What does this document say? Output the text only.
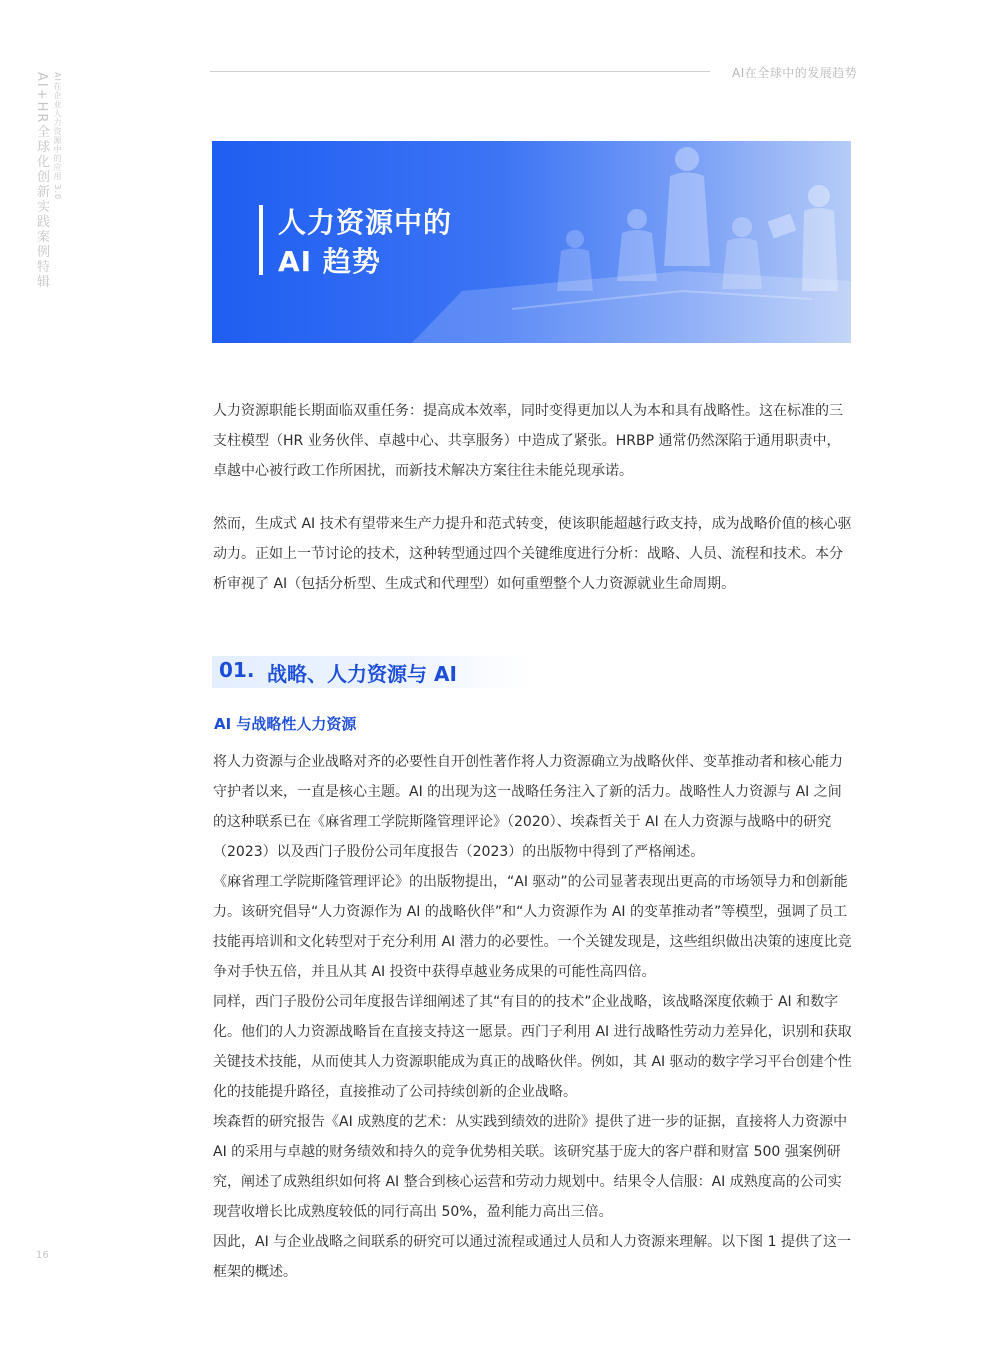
AI在全球中的发展趋势
AI+HR全球化创新实践案例特辑 AI在企业人力资源中的应用 3.0
16
人力资源中的
AI 趋势

人力资源职能长期面临双重任务：提高成本效率，同时变得更加以人为本和具有战略性。这在标准的三支柱模型（HR 业务伙伴、卓越中心、共享服务）中造成了紧张。HRBP 通常仍然深陷于通用职责中，卓越中心被行政工作所困扰，而新技术解决方案往往未能兑现承诺。

然而，生成式 AI 技术有望带来生产力提升和范式转变，使该职能超越行政支持，成为战略价值的核心驱动力。正如上一节讨论的技术，这种转型通过四个关键维度进行分析：战略、人员、流程和技术。本分析审视了 AI（包括分析型、生成式和代理型）如何重塑整个人力资源就业生命周期。

01. 战略、人力资源与 AI
AI 与战略性人力资源

将人力资源与企业战略对齐的必要性自开创性著作将人力资源确立为战略伙伴、变革推动者和核心能力守护者以来，一直是核心主题。AI 的出现为这一战略任务注入了新的活力。战略性人力资源与 AI 之间的这种联系已在《麻省理工学院斯隆管理评论》（2020）、埃森哲关于 AI 在人力资源与战略中的研究（2023）以及西门子股份公司年度报告（2023）的出版物中得到了严格阐述。

《麻省理工学院斯隆管理评论》的出版物提出，“AI 驱动”的公司显著表现出更高的市场领导力和创新能力。该研究倡导“人力资源作为 AI 的战略伙伴”和“人力资源作为 AI 的变革推动者”等模型，强调了员工技能再培训和文化转型对于充分利用 AI 潜力的必要性。一个关键发现是，这些组织做出决策的速度比竞争对手快五倍，并且从其 AI 投资中获得卓越业务成果的可能性高四倍。

同样，西门子股份公司年度报告详细阐述了其“有目的的技术”企业战略，该战略深度依赖于 AI 和数字化。他们的人力资源战略旨在直接支持这一愿景。西门子利用 AI 进行战略性劳动力差异化，识别和获取关键技术技能，从而使其人力资源职能成为真正的战略伙伴。例如，其 AI 驱动的数字学习平台创建个性化的技能提升路径，直接推动了公司持续创新的企业战略。

埃森哲的研究报告《AI 成熟度的艺术：从实践到绩效的进阶》提供了进一步的证据，直接将人力资源中 AI 的采用与卓越的财务绩效和持久的竞争优势相关联。该研究基于庞大的客户群和财富 500 强案例研究，阐述了成熟组织如何将 AI 整合到核心运营和劳动力规划中。结果令人信服：AI 成熟度高的公司实现营收增长比成熟度较低的同行高出 50%，盈利能力高出三倍。

因此，AI 与企业战略之间联系的研究可以通过流程或通过人员和人力资源来理解。以下图 1 提供了这一框架的概述。
